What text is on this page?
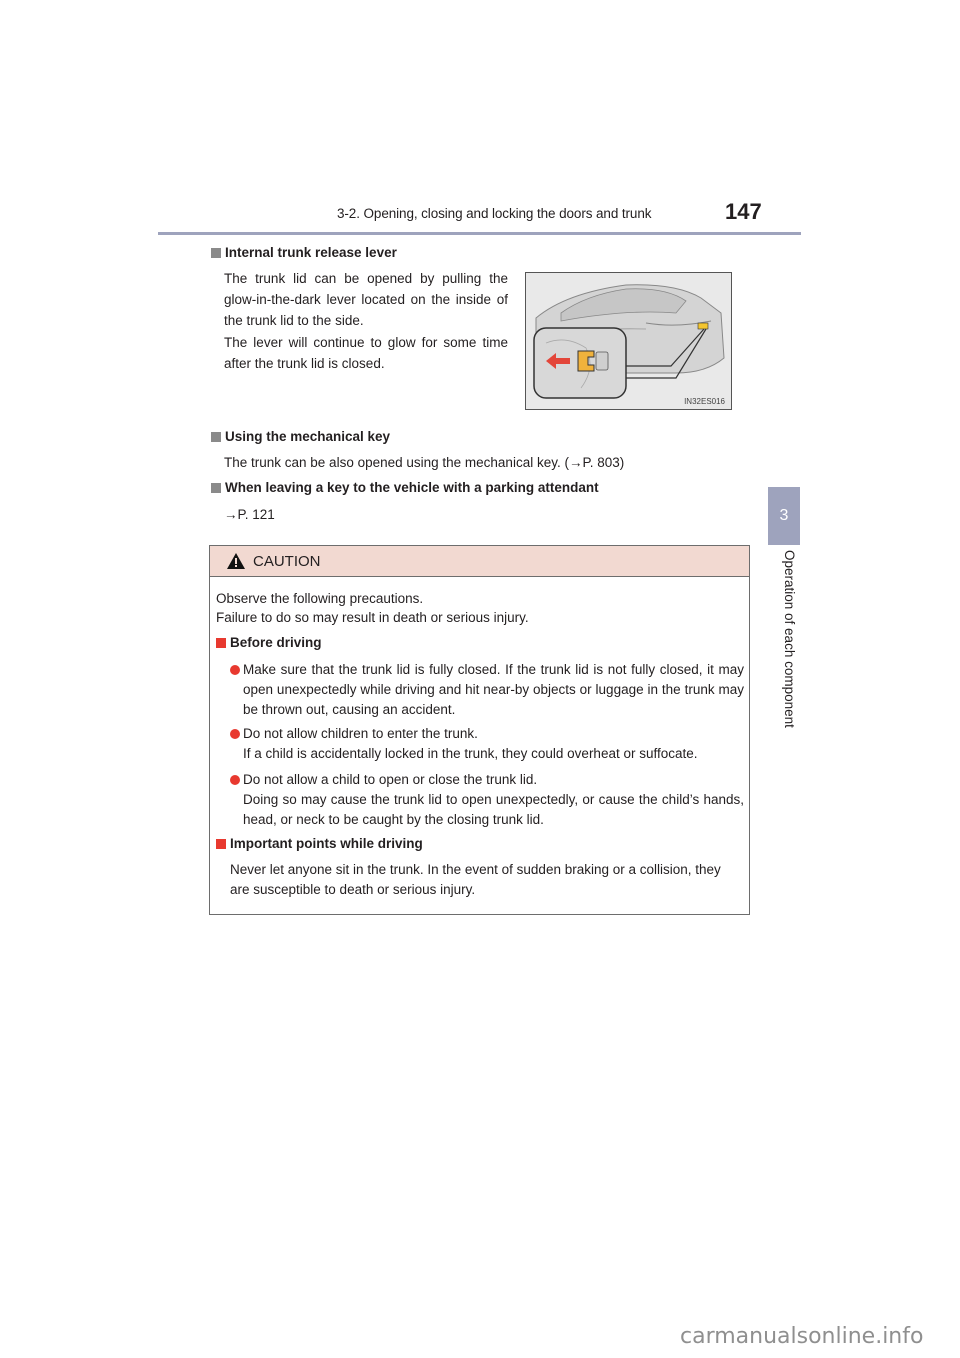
3-2. Opening, closing and locking the doors and trunk	147
3
Operation of each component
Internal trunk release lever
The trunk lid can be opened by pulling the glow-in-the-dark lever located on the inside of the trunk lid to the side.
The lever will continue to glow for some time after the trunk lid is closed.
IN32ES016
Using the mechanical key
The trunk can be also opened using the mechanical key. (→P. 803)
When leaving a key to the vehicle with a parking attendant
→P. 121
CAUTION
Observe the following precautions.
Failure to do so may result in death or serious injury.
Before driving
Make sure that the trunk lid is fully closed. If the trunk lid is not fully closed, it may open unexpectedly while driving and hit near-by objects or luggage in the trunk may be thrown out, causing an accident.
Do not allow children to enter the trunk.
If a child is accidentally locked in the trunk, they could overheat or suffocate.
Do not allow a child to open or close the trunk lid.
Doing so may cause the trunk lid to open unexpectedly, or cause the child’s hands, head, or neck to be caught by the closing trunk lid.
Important points while driving
Never let anyone sit in the trunk. In the event of sudden braking or a collision, they are susceptible to death or serious injury.
carmanualsonline.info
